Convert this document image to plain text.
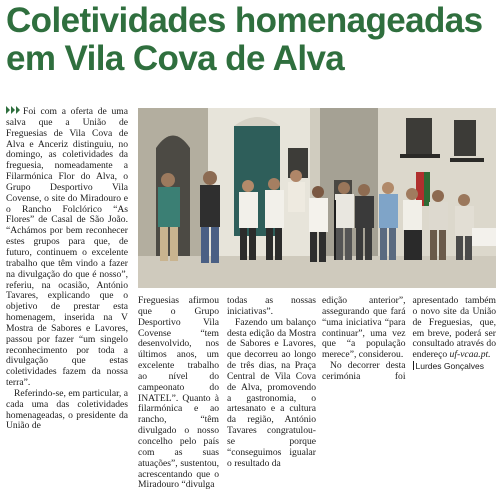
Coletividades homenageadas
em Vila Cova de Alva

Foi com a oferta de uma salva que a União de Freguesias de Vila Cova de Alva e Anceriz distinguiu, no domingo, as coletividades da freguesia, nomeadamente a Filarmónica Flor do Alva, o Grupo Desportivo Vila Covense, o site do Miradouro e o Rancho Folclórico “As Flores” de Casal de São João. “Achámos por bem reconhecer estes grupos para que, de futuro, continuem o excelente trabalho que têm vindo a fazer na divulgação do que é nosso”, referiu, na ocasião, António Tavares, explicando que o objetivo de prestar esta homenagem, inserida na V Mostra de Sabores e Lavores, passou por fazer “um singelo reconhecimento por toda a divulgação que estas coletividades fazem da nossa terra”.

Referindo-se, em particular, a cada uma das coletividades homenageadas, o presidente da União de

Freguesias afirmou que o Grupo Desportivo Vila Covense “tem desenvolvido, nos últimos anos, um excelente trabalho ao nível do campeonato do INATEL”. Quanto à filarmónica e ao rancho, “têm divulgado o nosso concelho pelo país com as suas atuações”, sustentou, acrescentando que o Miradouro “divulga

todas as nossas iniciativas”.

Fazendo um balanço desta edição da Mostra de Sabores e Lavores, que decorreu ao longo de três dias, na Praça Central de Vila Cova de Alva, promovendo a gastronomia, o artesanato e a cultura da região, António Tavares congratulou-se porque “conseguimos igualar o resultado da

edição anterior”, assegurando que fará “uma iniciativa “para continuar”, uma vez que “a população merece”, considerou.

No decorrer desta cerimónia foi apresentado também o novo site da União de Freguesias, que, em breve, poderá ser consultado através do endereço uf-vcaa.pt.

Lurdes Gonçalves
